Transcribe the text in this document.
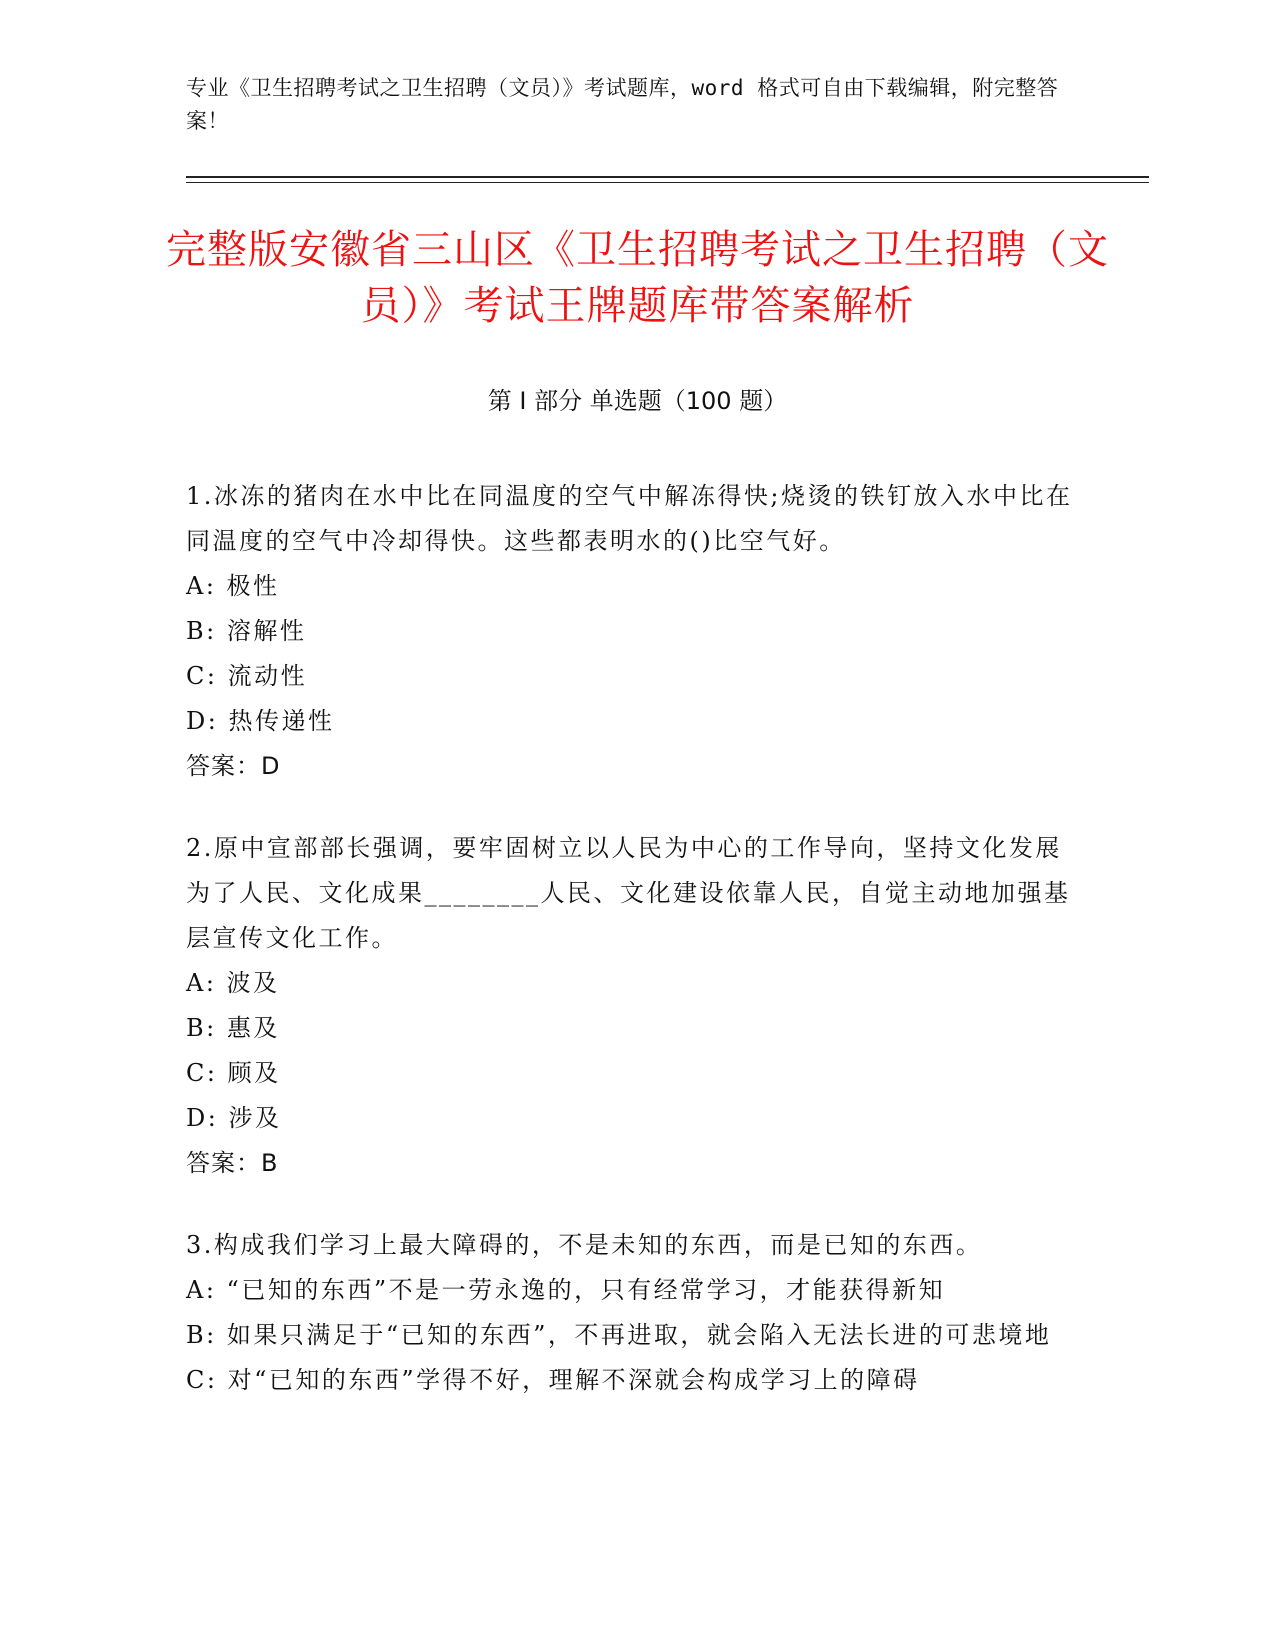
专业《卫生招聘考试之卫生招聘（文员）》考试题库，word 格式可自由下载编辑，附完整答案！
完整版安徽省三山区《卫生招聘考试之卫生招聘（文员）》考试王牌题库带答案解析
第 I 部分 单选题（100 题）
1.冰冻的猪肉在水中比在同温度的空气中解冻得快;烧烫的铁钉放入水中比在同温度的空气中冷却得快。这些都表明水的()比空气好。
A: 极性
B: 溶解性
C: 流动性
D: 热传递性
答案：D
2.原中宣部部长强调，要牢固树立以人民为中心的工作导向，坚持文化发展为了人民、文化成果________人民、文化建设依靠人民，自觉主动地加强基层宣传文化工作。
A: 波及
B: 惠及
C: 顾及
D: 涉及
答案：B
3.构成我们学习上最大障碍的，不是未知的东西，而是已知的东西。
A: “已知的东西”不是一劳永逸的，只有经常学习，才能获得新知
B: 如果只满足于“已知的东西”，不再进取，就会陷入无法长进的可悲境地
C: 对“已知的东西”学得不好，理解不深就会构成学习上的障碍
